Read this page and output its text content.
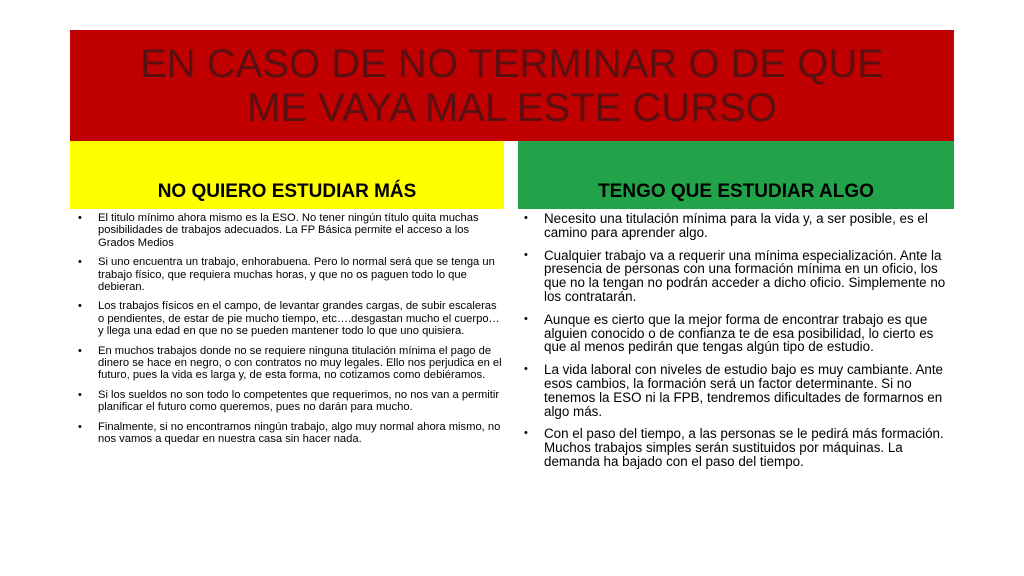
EN CASO DE NO TERMINAR O DE QUE ME VAYA MAL ESTE CURSO
NO QUIERO ESTUDIAR MÁS	TENGO QUE ESTUDIAR ALGO
• El titulo mínimo ahora mismo es la ESO. No tener ningún título quita muchas posibilidades de trabajos adecuados. La FP Básica permite el acceso a los Grados Medios
• Si uno encuentra un trabajo, enhorabuena. Pero lo normal será que se tenga un trabajo físico, que requiera muchas horas, y que no os paguen todo lo que debieran.
• Los trabajos físicos en el campo, de levantar grandes cargas, de subir escaleras o pendientes, de estar de pie mucho tiempo, etc….desgastan mucho el cuerpo…y llega una edad en que no se pueden mantener todo lo que uno quisiera.
• En muchos trabajos donde no se requiere ninguna titulación mínima el pago de dinero se hace en negro, o con contratos no muy legales. Ello nos perjudica en el futuro, pues la vida es larga y, de esta forma, no cotizamos como debiéramos.
• Si los sueldos no son todo lo competentes que requerimos, no nos van a permitir planificar el futuro como queremos, pues no darán para mucho.
• Finalmente, si no encontramos ningún trabajo, algo muy normal ahora mismo, no nos vamos a quedar en nuestra casa sin hacer nada.
• Necesito una titulación mínima para la vida y, a ser posible, es el camino para aprender algo.
• Cualquier trabajo va a requerir una mínima especialización. Ante la presencia de personas con una formación mínima en un oficio, los que no la tengan no podrán acceder a dicho oficio. Simplemente no los contratarán.
• Aunque es cierto que la mejor forma de encontrar trabajo es que alguien conocido o de confianza te de esa posibilidad, lo cierto es que al menos pedirán que tengas algún tipo de estudio.
• La vida laboral con niveles de estudio bajo es muy cambiante. Ante esos cambios, la formación será un factor determinante. Si no tenemos la ESO ni la FPB, tendremos dificultades de formarnos en algo más.
• Con el paso del tiempo, a las personas se le pedirá más formación. Muchos trabajos simples serán sustituidos por máquinas. La demanda ha bajado con el paso del tiempo.
